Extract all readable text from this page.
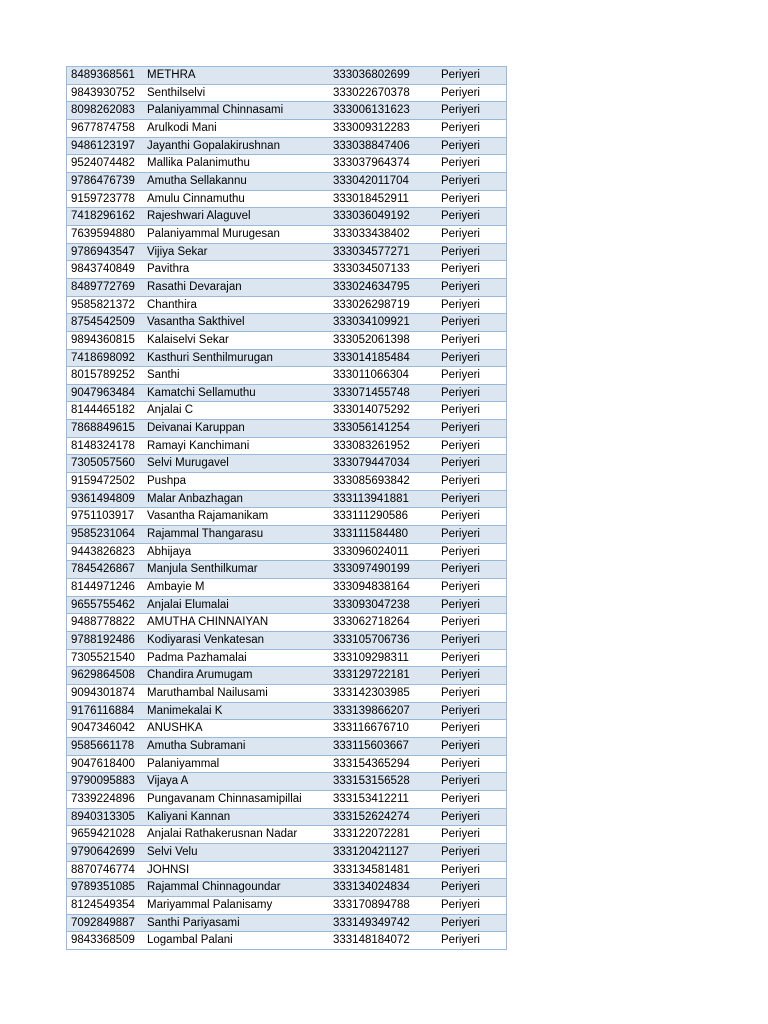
8489368561	METHRA	333036802699	Periyeri
9843930752	Senthilselvi	333022670378	Periyeri
8098262083	Palaniyammal Chinnasami	333006131623	Periyeri
9677874758	Arulkodi Mani	333009312283	Periyeri
9486123197	Jayanthi Gopalakirushnan	333038847406	Periyeri
9524074482	Mallika Palanimuthu	333037964374	Periyeri
9786476739	Amutha Sellakannu	333042011704	Periyeri
9159723778	Amulu Cinnamuthu	333018452911	Periyeri
7418296162	Rajeshwari Alaguvel	333036049192	Periyeri
7639594880	Palaniyammal Murugesan	333033438402	Periyeri
9786943547	Vijiya Sekar	333034577271	Periyeri
9843740849	Pavithra	333034507133	Periyeri
8489772769	Rasathi Devarajan	333024634795	Periyeri
9585821372	Chanthira	333026298719	Periyeri
8754542509	Vasantha Sakthivel	333034109921	Periyeri
9894360815	Kalaiselvi Sekar	333052061398	Periyeri
7418698092	Kasthuri Senthilmurugan	333014185484	Periyeri
8015789252	Santhi	333011066304	Periyeri
9047963484	Kamatchi Sellamuthu	333071455748	Periyeri
8144465182	Anjalai C	333014075292	Periyeri
7868849615	Deivanai Karuppan	333056141254	Periyeri
8148324178	Ramayi Kanchimani	333083261952	Periyeri
7305057560	Selvi Murugavel	333079447034	Periyeri
9159472502	Pushpa	333085693842	Periyeri
9361494809	Malar Anbazhagan	333113941881	Periyeri
9751103917	Vasantha Rajamanikam	333111290586	Periyeri
9585231064	Rajammal Thangarasu	333111584480	Periyeri
9443826823	Abhijaya	333096024011	Periyeri
7845426867	Manjula Senthilkumar	333097490199	Periyeri
8144971246	Ambayie M	333094838164	Periyeri
9655755462	Anjalai Elumalai	333093047238	Periyeri
9488778822	AMUTHA CHINNAIYAN	333062718264	Periyeri
9788192486	Kodiyarasi Venkatesan	333105706736	Periyeri
7305521540	Padma Pazhamalai	333109298311	Periyeri
9629864508	Chandira Arumugam	333129722181	Periyeri
9094301874	Maruthambal Nailusami	333142303985	Periyeri
9176116884	Manimekalai K	333139866207	Periyeri
9047346042	ANUSHKA	333116676710	Periyeri
9585661178	Amutha Subramani	333115603667	Periyeri
9047618400	Palaniyammal	333154365294	Periyeri
9790095883	Vijaya A	333153156528	Periyeri
7339224896	Pungavanam Chinnasamipillai	333153412211	Periyeri
8940313305	Kaliyani Kannan	333152624274	Periyeri
9659421028	Anjalai Rathakerusnan Nadar	333122072281	Periyeri
9790642699	Selvi Velu	333120421127	Periyeri
8870746774	JOHNSI	333134581481	Periyeri
9789351085	Rajammal Chinnagoundar	333134024834	Periyeri
8124549354	Mariyammal Palanisamy	333170894788	Periyeri
7092849887	Santhi Pariyasami	333149349742	Periyeri
9843368509	Logambal Palani	333148184072	Periyeri
